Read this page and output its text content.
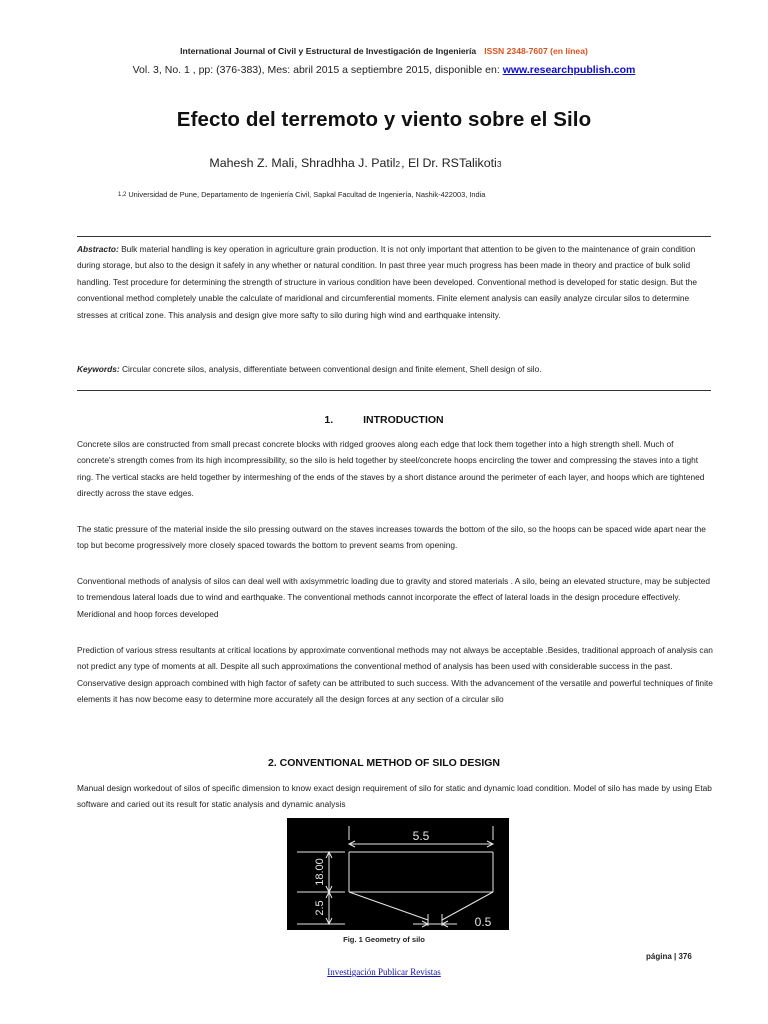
International Journal of Civil y Estructural de Investigación de Ingeniería ISSN 2348-7607 (en línea)
Vol. 3, No. 1 , pp: (376-383), Mes: abril 2015 a septiembre 2015, disponible en: www.researchpublish.com
Efecto del terremoto y viento sobre el Silo
Mahesh Z. Mali, Shradhha J. Patil2, El Dr. RSTalikoti3
$^{1,2}$ Universidad de Pune, Departamento de Ingeniería Civil, Sapkal Facultad de Ingeniería, Nashik-422003, India
Abstracto: Bulk material handling is key operation in agriculture grain production. It is not only important that attention to be given to the maintenance of grain condition during storage, but also to the design it safely in any whether or natural condition. In past three year much progress has been made in theory and practice of bulk solid handling. Test procedure for determining the strength of structure in various condition have been developed. Conventional method is developed for static design. But the conventional method completely unable the calculate of maridional and circumferential moments. Finite element analysis can easily analyze circular silos to determine stresses at critical zone. This analysis and design give more safty to silo during high wind and earthquake intensity.
Keywords: Circular concrete silos, analysis, differentiate between conventional design and finite element, Shell design of silo.
1.	INTRODUCTION
Concrete silos are constructed from small precast concrete blocks with ridged grooves along each edge that lock them together into a high strength shell. Much of concrete's strength comes from its high incompressibility, so the silo is held together by steel/concrete hoops encircling the tower and compressing the staves into a tight ring. The vertical stacks are held together by intermeshing of the ends of the staves by a short distance around the perimeter of each layer, and hoops which are tightened directly across the stave edges.
The static pressure of the material inside the silo pressing outward on the staves increases towards the bottom of the silo, so the hoops can be spaced wide apart near the top but become progressively more closely spaced towards the bottom to prevent seams from opening.
Conventional methods of analysis of silos can deal well with axisymmetric loading due to gravity and stored materials . A silo, being an elevated structure, may be subjected to tremendous lateral loads due to wind and earthquake. The conventional methods cannot incorporate the effect of lateral loads in the design procedure effectively. Meridional and hoop forces developed
Prediction of various stress resultants at critical locations by approximate conventional methods may not always be acceptable .Besides, traditional approach of analysis can not predict any type of moments at all. Despite all such approximations the conventional method of analysis has been used with considerable success in the past. Conservative design approach combined with high factor of safety can be attributed to such success. With the advancement of the versatile and powerful techniques of finite elements it has now become easy to determine more accurately all the design forces at any section of a circular silo
2. CONVENTIONAL METHOD OF SILO DESIGN
Manual design workedout of silos of specific dimension to know exact design requirement of silo for static and dynamic load condition. Model of silo has made by using Etab software and caried out its result for static analysis and dynamic analysis
5.5
18.00
2.5
0.5
Fig. 1 Geometry of silo
página | 376
Investigación Publicar Revistas
